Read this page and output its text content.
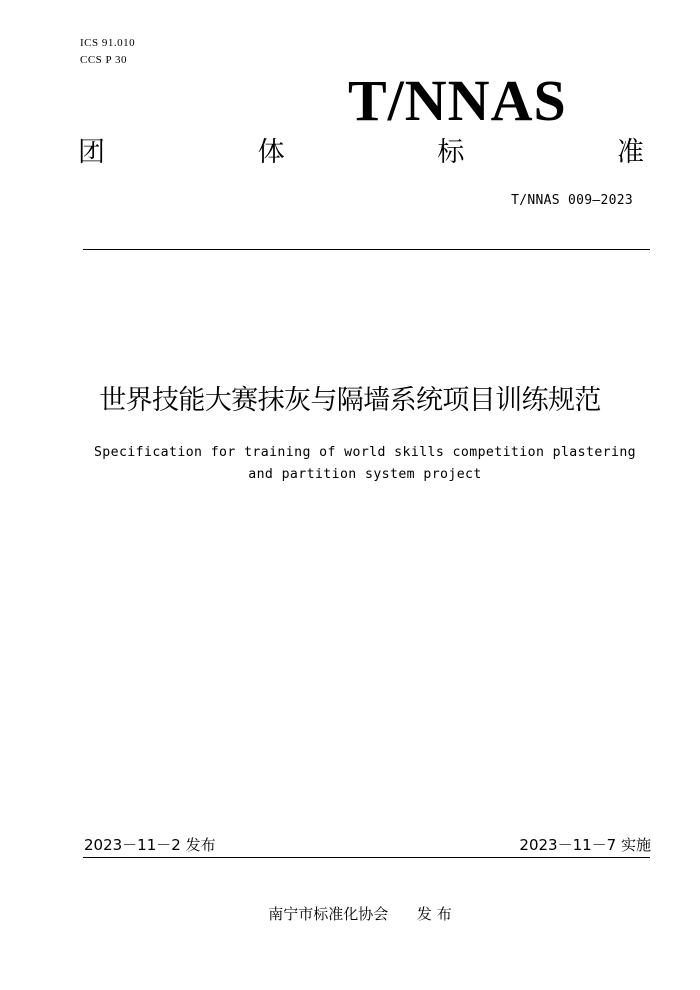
ICS 91.010
CCS P 30
T/NNAS
团	体	标	准
T/NNAS 009—2023
世界技能大赛抹灰与隔墙系统项目训练规范
Specification for training of world skills competition plastering
and partition system project
2023－11－2 发布	2023－11－7 实施
南宁市标准化协会 发 布
